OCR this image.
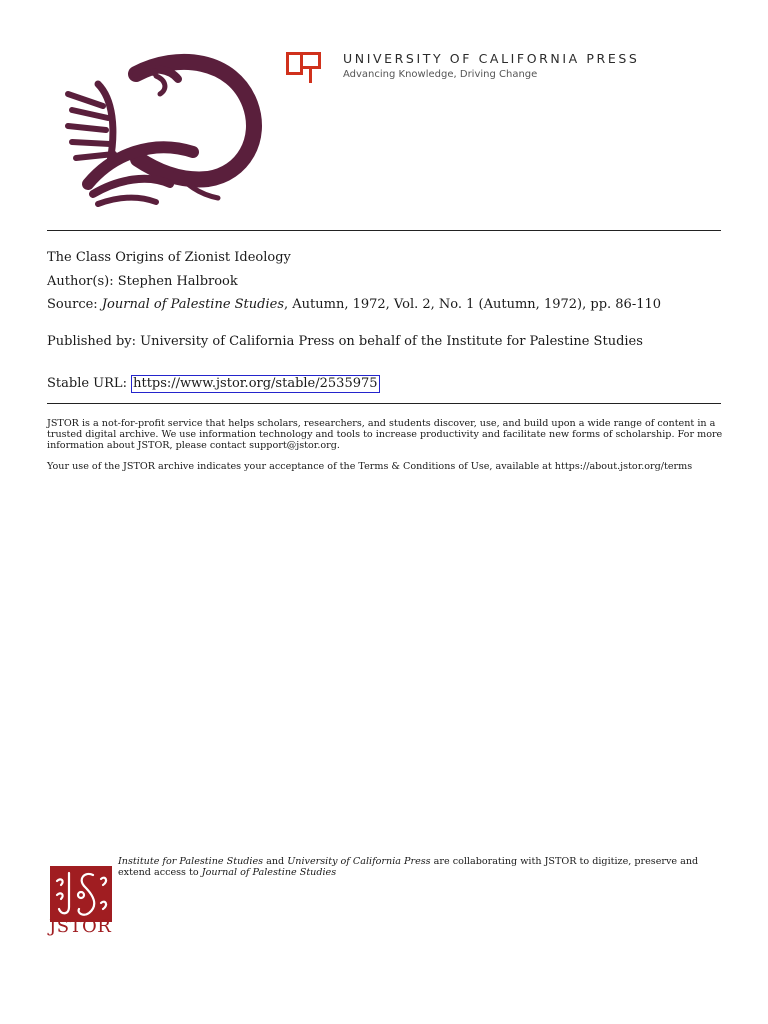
UNIVERSITY OF CALIFORNIA PRESS
Advancing Knowledge, Driving Change

The Class Origins of Zionist Ideology

Author(s): Stephen Halbrook

Source: Journal of Palestine Studies, Autumn, 1972, Vol. 2, No. 1 (Autumn, 1972), pp. 86-110

Published by: University of California Press on behalf of the Institute for Palestine Studies

Stable URL: https://www.jstor.org/stable/2535975

JSTOR is a not-for-profit service that helps scholars, researchers, and students discover, use, and build upon a wide range of content in a trusted digital archive. We use information technology and tools to increase productivity and facilitate new forms of scholarship. For more information about JSTOR, please contact support@jstor.org.

Your use of the JSTOR archive indicates your acceptance of the Terms & Conditions of Use, available at https://about.jstor.org/terms

JSTOR

Institute for Palestine Studies and University of California Press are collaborating with JSTOR to digitize, preserve and extend access to Journal of Palestine Studies
